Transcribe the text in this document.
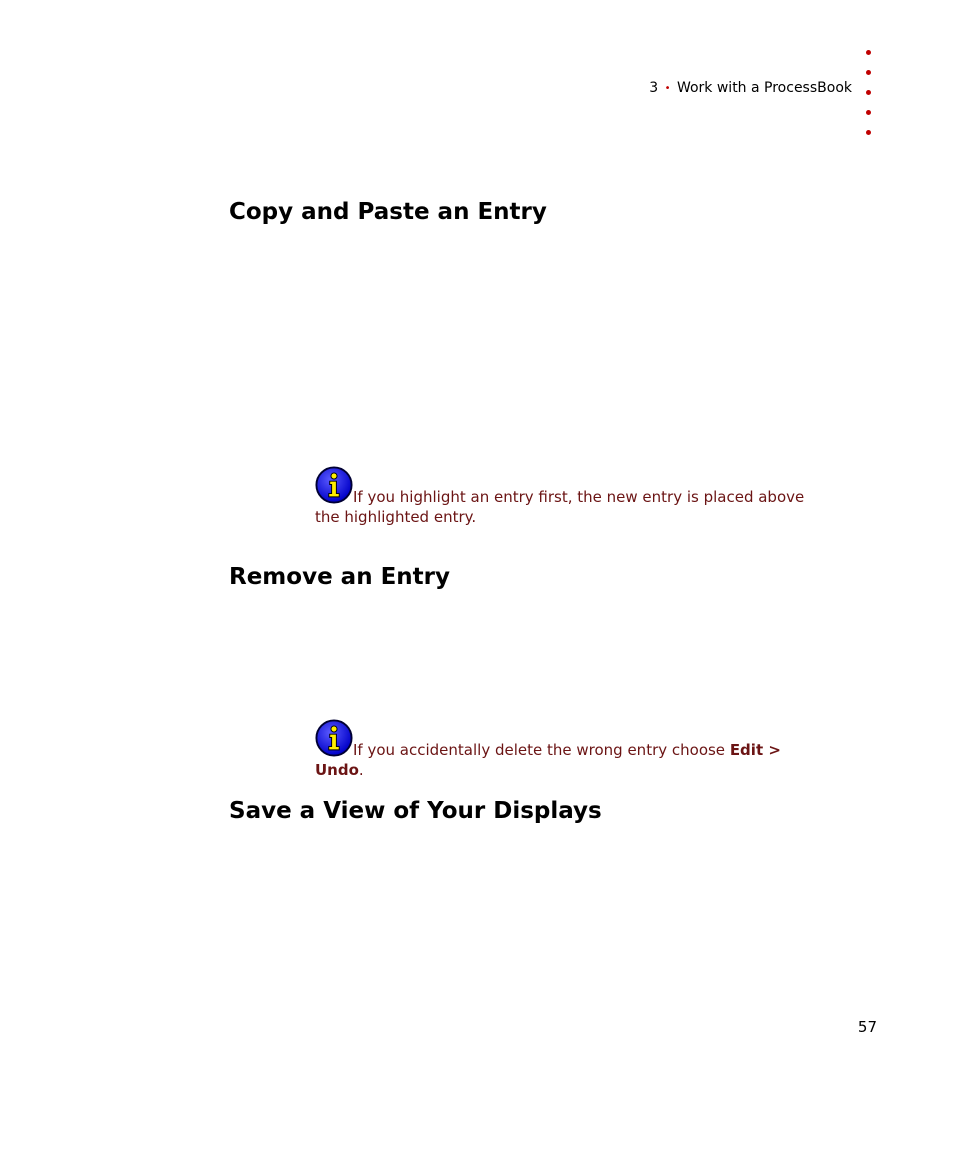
3 • Work with a ProcessBook
Copy and Paste an Entry
If you highlight an entry first, the new entry is placed above the highlighted entry.
Remove an Entry
If you accidentally delete the wrong entry choose Edit > Undo.
Save a View of Your Displays
57
